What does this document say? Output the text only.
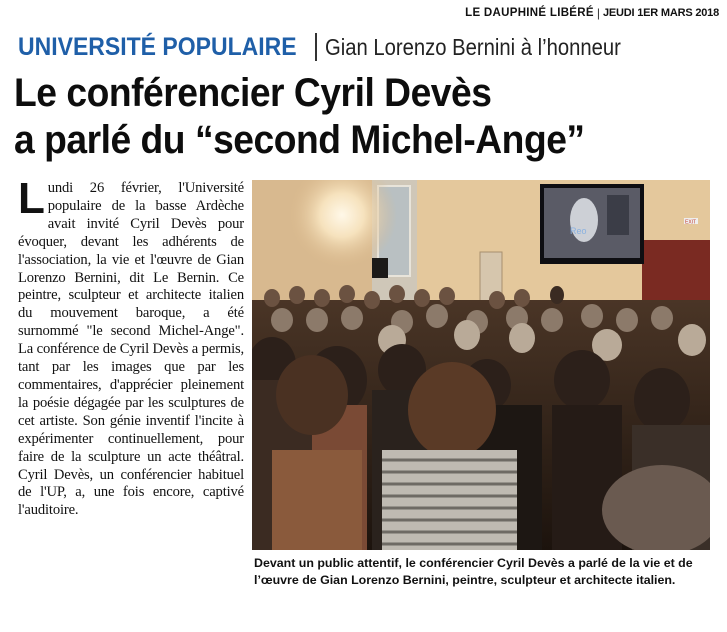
LE DAUPHINÉ LIBÉRÉ | JEUDI 1ER MARS 2018
UNIVERSITÉ POPULAIRE Gian Lorenzo Bernini à l’honneur
Le conférencier Cyril Devès
a parlé du “second Michel-Ange”
Lundi 26 février, l'Université populaire de la basse Ardèche avait invité Cyril Devès pour évoquer, devant les adhérents de l'association, la vie et l'œuvre de Gian Lorenzo Bernini, dit Le Bernin. Ce peintre, sculpteur et architecte italien du mouvement baroque, a été surnommé "le second Michel-Ange". La conférence de Cyril Devès a permis, tant par les images que par les commentaires, d'apprécier pleinement la poésie dégagée par les sculptures de cet artiste. Son génie inventif l'incite à expérimenter continuellement, pour faire de la sculpture un acte théâtral. Cyril Devès, un conférencier habituel de l'UP, a, une fois encore, captivé l'auditoire.
Reo
EXIT
Devant un public attentif, le conférencier Cyril Devès a parlé de la vie et de l’œuvre de Gian Lorenzo Bernini, peintre, sculpteur et architecte italien.
